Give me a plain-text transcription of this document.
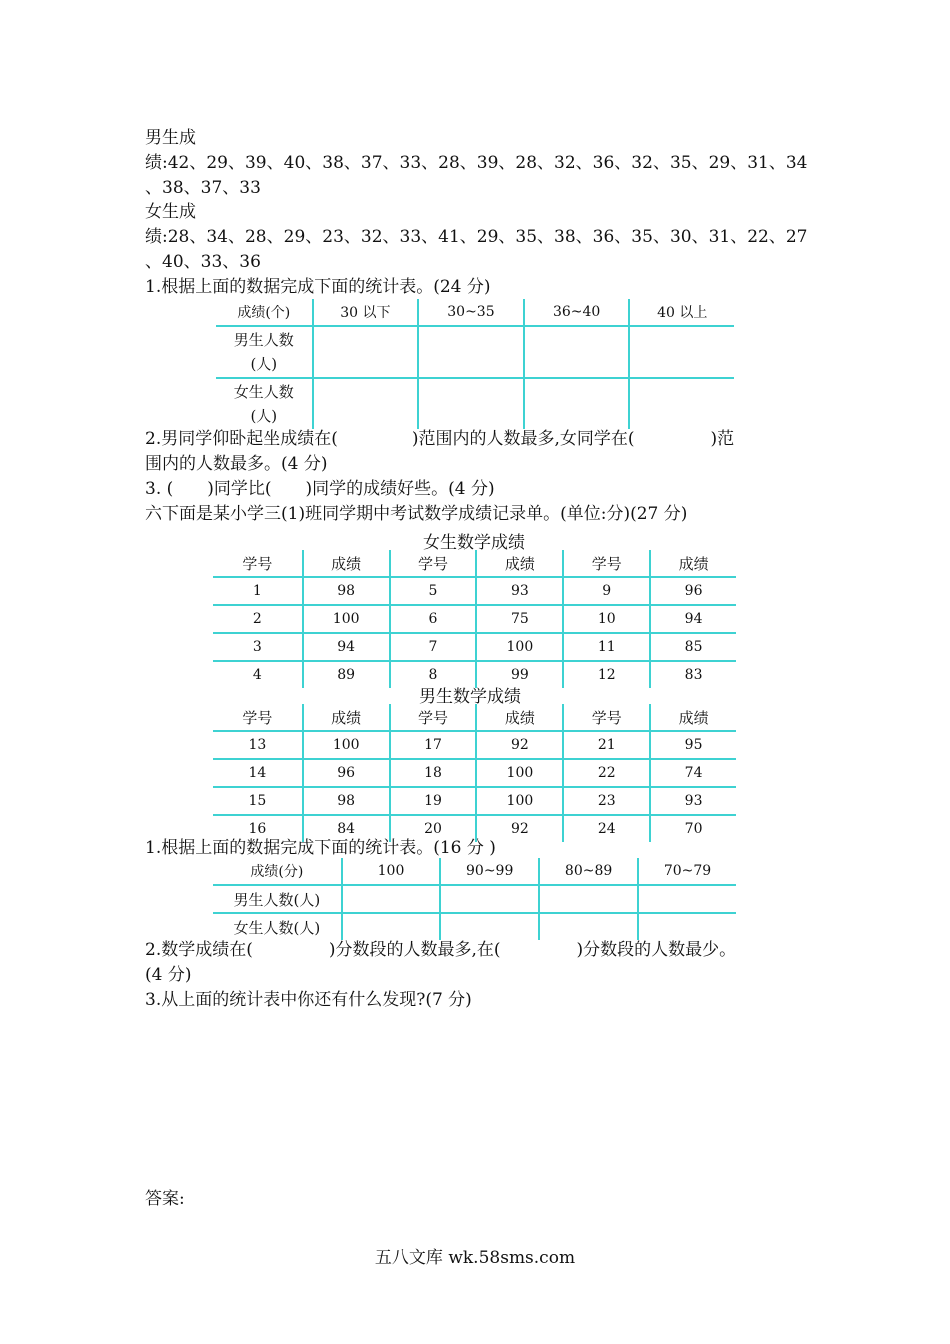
男生成
绩:42、29、39、40、38、37、33、28、39、28、32、36、32、35、29、31、34
、38、37、33
女生成
绩:28、34、28、29、23、32、33、41、29、35、38、36、35、30、31、22、27
、40、33、36
1.根据上面的数据完成下面的统计表。(24 分)
成绩(个)	30 以下	30~35	36~40	40 以上
男生人数
(人)				
女生人数
(人)				
2.男同学仰卧起坐成绩在(	)范围内的人数最多,女同学在(	)范
围内的人数最多。(4 分)
3. ( )同学比( )同学的成绩好些。(4 分)
六下面是某小学三(1)班同学期中考试数学成绩记录单。(单位:分)(27 分)
女生数学成绩
学号	成绩	学号	成绩	学号	成绩
1	98	5	93	9	96
2	100	6	75	10	94
3	94	7	100	11	85
4	89	8	99	12	83
男生数学成绩
学号	成绩	学号	成绩	学号	成绩
13	100	17	92	21	95
14	96	18	100	22	74
15	98	19	100	23	93
16	84	20	92	24	70
1.根据上面的数据完成下面的统计表。(16 分 )
成绩(分)	100	90~99	80~89	70~79
男生人数(人)				
女生人数(人)				
2.数学成绩在(	)分数段的人数最多,在(	)分数段的人数最少。
(4 分)
3.从上面的统计表中你还有什么发现?(7 分)
答案:
五八文库 wk.58sms.com
